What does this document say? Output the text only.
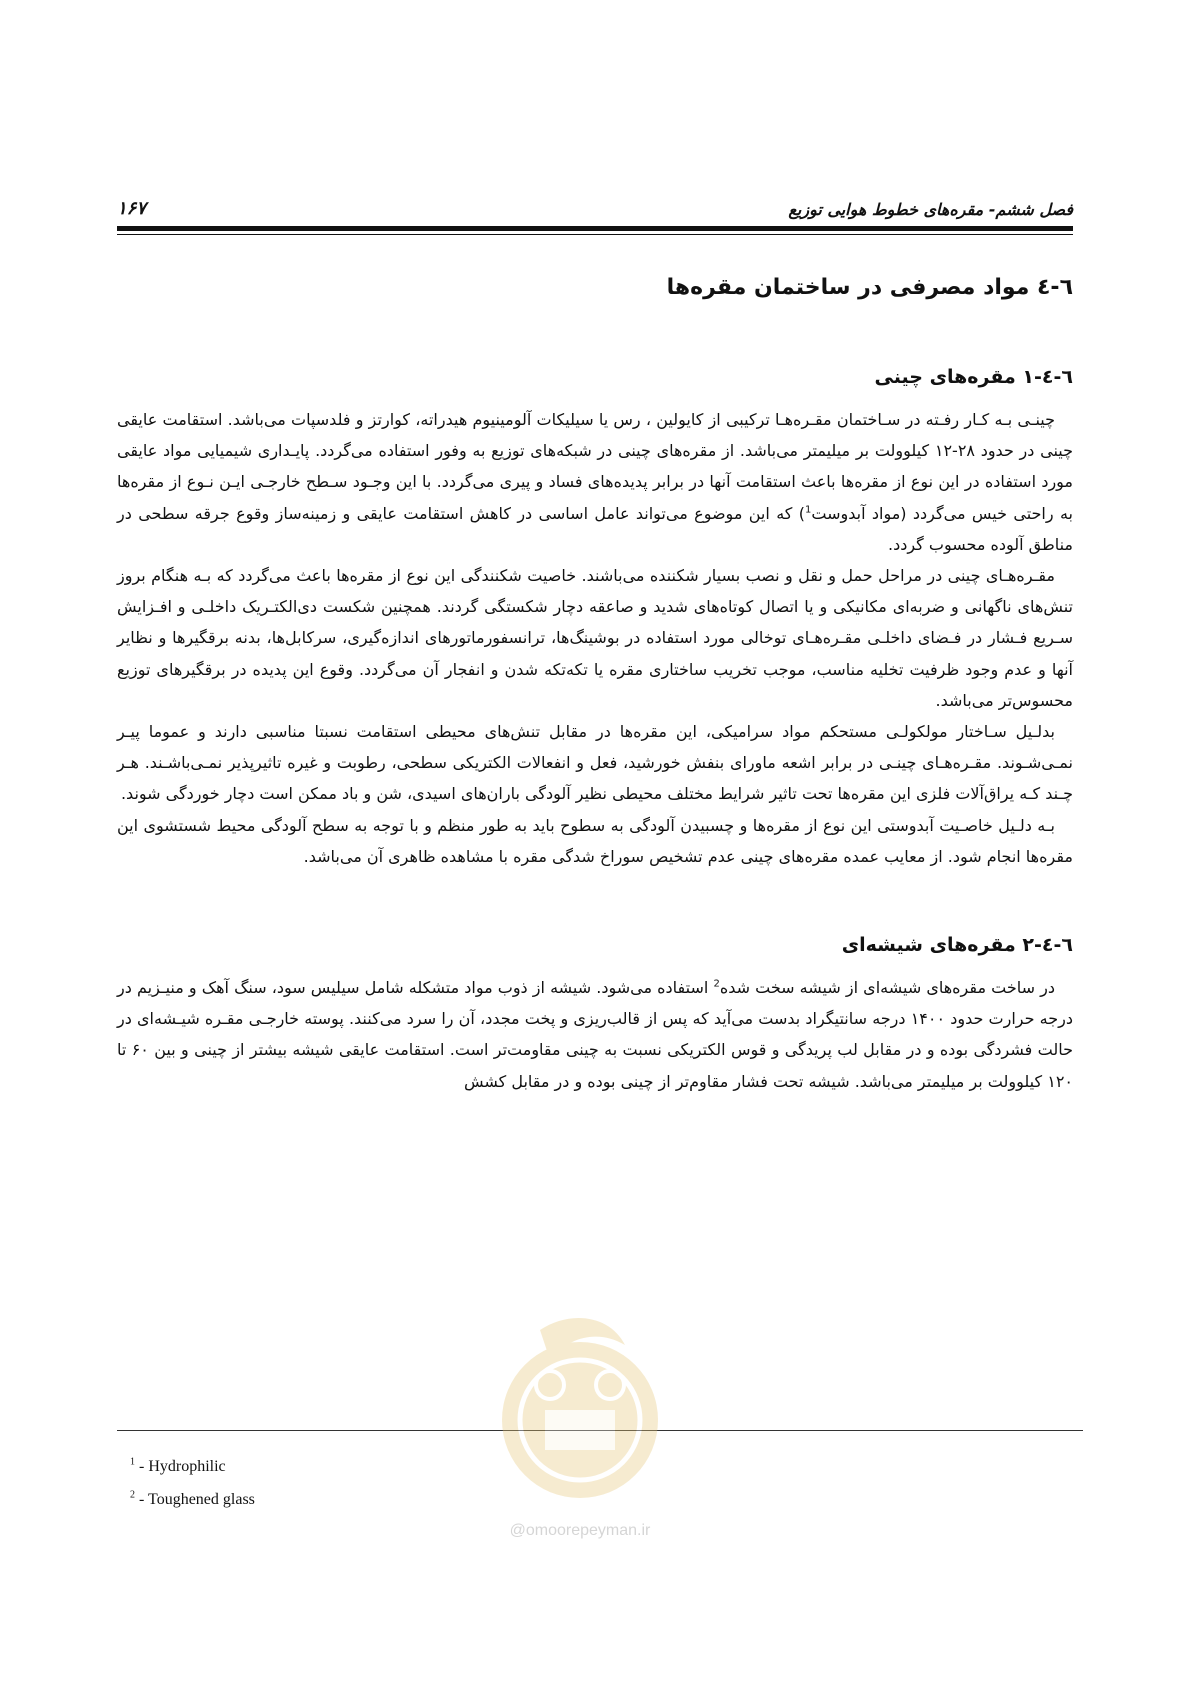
فصل ششم- مقره‌های خطوط هوایی توزیع
۱۶۷
٦-٤ مواد مصرفی در ساختمان مقره‌ها
٦-٤-١ مقره‌های چینی

چینـی بـه کـار رفـته در سـاختمان مقـره‌هـا ترکیبی از کایولین ، رس یا سیلیکات آلومینیوم هیدراته، کوارتز و فلدسپات می‌باشد. استقامت عایقی چینی در حدود ۲۸-۱۲ کیلوولت بر میلیمتر می‌باشد. از مقره‌های چینی در شبکه‌های توزیع به وفور استفاده می‌گردد. پایـداری شیمیایی مواد عایقی مورد استفاده در این نوع از مقره‌ها باعث استقامت آنها در برابر پدیده‌های فساد و پیری می‌گردد. با این وجـود سـطح خارجـی ایـن نـوع از مقره‌ها به راحتی خیس می‌گردد (مواد آبدوست$^1$) که این موضوع می‌تواند عامل اساسی در کاهش استقامت عایقی و زمینه‌ساز وقوع جرقه سطحی در مناطق آلوده محسوب گردد.

مقـره‌هـای چینی در مراحل حمل و نقل و نصب بسیار شکننده می‌باشند. خاصیت شکنندگی این نوع از مقره‌ها باعث می‌گردد که بـه هنگام بروز تنش‌های ناگهانی و ضربه‌ای مکانیکی و یا اتصال کوتاه‌های شدید و صاعقه دچار شکستگی گردند. همچنین شکست دی‌الکتـریک داخلـی و افـزایش سـریع فـشار در فـضای داخلـی مقـره‌هـای توخالی مورد استفاده در بوشینگ‌ها، ترانسفورماتورهای اندازه‌گیری، سرکابل‌ها، بدنه برقگیرها و نظایر آنها و عدم وجود ظرفیت تخلیه مناسب، موجب تخریب ساختاری مقره یا تکه‌تکه شدن و انفجار آن می‌گردد. وقوع این پدیده در برقگیرهای توزیع محسوس‌تر می‌باشد.

بدلـیل سـاختار مولکولـی مستحکم مواد سرامیکی، این مقره‌ها در مقابل تنش‌های محیطی استقامت نسبتا مناسبی دارند و عموما پیـر نمـی‌شـوند. مقـره‌هـای چینـی در برابر اشعه ماورای بنفش خورشید، فعل و انفعالات الکتریکی سطحی، رطوبت و غیره تاثیرپذیر نمـی‌باشـند. هـر چـند کـه یراق‌آلات فلزی این مقره‌ها تحت تاثیر شرایط مختلف محیطی نظیر آلودگی باران‌های اسیدی، شن و باد ممکن است دچار خوردگی شوند.

بـه دلـیل خاصـیت آبدوستی این نوع از مقره‌ها و چسبیدن آلودگی به سطوح باید به طور منظم و با توجه به سطح آلودگی محیط شستشوی این مقره‌ها انجام شود. از معایب عمده مقره‌های چینی عدم تشخیص سوراخ شدگی مقره با مشاهده ظاهری آن می‌باشد.

٦-٤-٢ مقره‌های شیشه‌ای

در ساخت مقره‌های شیشه‌ای از شیشه سخت شده$^2$ استفاده می‌شود. شیشه از ذوب مواد متشکله شامل سیلیس سود، سنگ آهک و منیـزیم در درجه حرارت حدود ۱۴۰۰ درجه سانتیگراد بدست می‌آید که پس از قالب‌ریزی و پخت مجدد، آن را سرد می‌کنند. پوسته خارجـی مقـره شیـشه‌ای در حالت فشردگی بوده و در مقابل لب پریدگی و قوس الکتریکی نسبت به چینی مقاومت‌تر است. استقامت عایقی شیشه بیشتر از چینی و بین ۶۰ تا ۱۲۰ کیلوولت بر میلیمتر می‌باشد. شیشه تحت فشار مقاوم‌تر از چینی بوده و در مقابل کشش

$^1$ - Hydrophilic
$^2$ - Toughened glass
@omoorepeyman.ir
